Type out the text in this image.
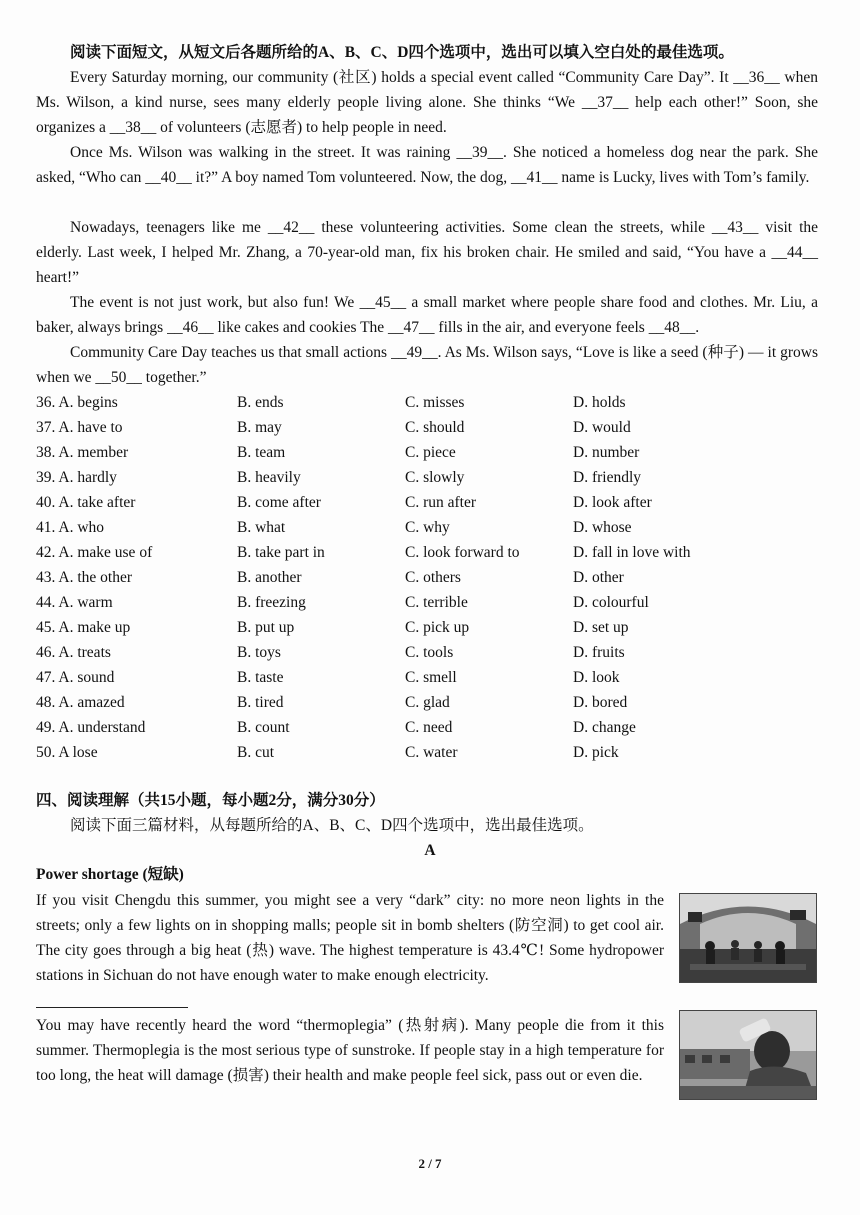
阅读下面短文，从短文后各题所给的A、B、C、D四个选项中，选出可以填入空白处的最佳选项。

Every Saturday morning, our community (社区) holds a special event called “Community Care Day”. It __36__ when Ms. Wilson, a kind nurse, sees many elderly people living alone. She thinks “We __37__ help each other!” Soon, she organizes a __38__ of volunteers (志愿者) to help people in need.

Once Ms. Wilson was walking in the street. It was raining __39__. She noticed a homeless dog near the park. She asked, “Who can __40__ it?” A boy named Tom volunteered. Now, the dog, __41__ name is Lucky, lives with Tom’s family.

Nowadays, teenagers like me __42__ these volunteering activities. Some clean the streets, while __43__ visit the elderly. Last week, I helped Mr. Zhang, a 70-year-old man, fix his broken chair. He smiled and said, “You have a __44__ heart!”

The event is not just work, but also fun! We __45__ a small market where people share food and clothes. Mr. Liu, a baker, always brings __46__ like cakes and cookies The __47__ fills in the air, and everyone feels __48__.

Community Care Day teaches us that small actions __49__. As Ms. Wilson says, “Love is like a seed (种子) — it grows when we __50__ together.”

36. A. begins	B. ends	C. misses	D. holds
37. A. have to	B. may	C. should	D. would
38. A. member	B. team	C. piece	D. number
39. A. hardly	B. heavily	C. slowly	D. friendly
40. A. take after	B. come after	C. run after	D. look after
41. A. who	B. what	C. why	D. whose
42. A. make use of	B. take part in	C. look forward to	D. fall in love with
43. A. the other	B. another	C. others	D. other
44. A. warm	B. freezing	C. terrible	D. colourful
45. A. make up	B. put up	C. pick up	D. set up
46. A. treats	B. toys	C. tools	D. fruits
47. A. sound	B. taste	C. smell	D. look
48. A. amazed	B. tired	C. glad	D. bored
49. A. understand	B. count	C. need	D. change
50. A lose	B. cut	C. water	D. pick
四、阅读理解（共15小题，每小题2分，满分30分）

阅读下面三篇材料，从每题所给的A、B、C、D四个选项中，选出最佳选项。

A
Power shortage (短缺)

If you visit Chengdu this summer, you might see a very “dark” city: no more neon lights in the streets; only a few lights on in shopping malls; people sit in bomb shelters (防空洞) to get cool air. The city goes through a big heat (热) wave. The highest temperature is 43.4℃! Some hydropower stations in Sichuan do not have enough water to make enough electricity.

You may have recently heard the word “thermoplegia” (热射病). Many people die from it this summer. Thermoplegia is the most serious type of sunstroke. If people stay in a high temperature for too long, the heat will damage (损害) their health and make people feel sick, pass out or even die.

2 / 7
